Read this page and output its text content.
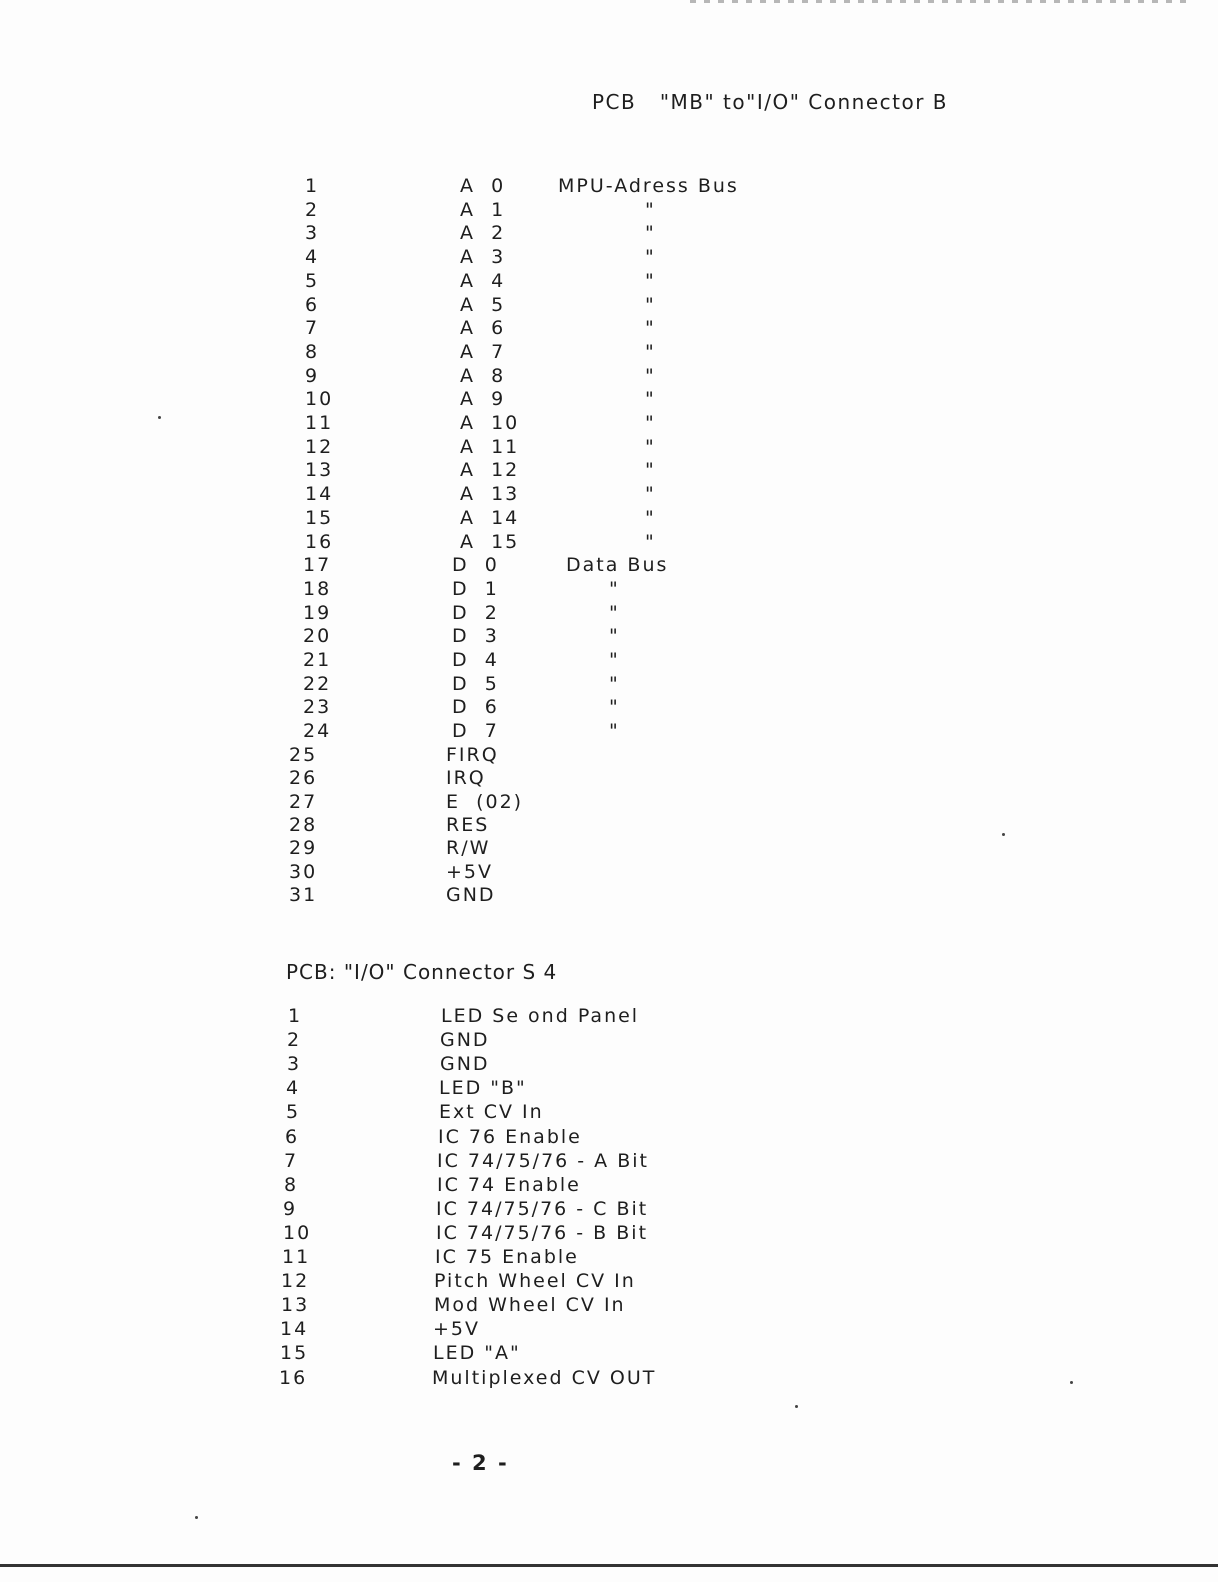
PCB   "MB" to"I/O" Connector B
1	A  0	MPU-Adress Bus
2	A  1	"
3	A  2	"
4	A  3	"
5	A  4	"
6	A  5	"
7	A  6	"
8	A  7	"
9	A  8	"
10	A  9	"
11	A  10	"
12	A  11	"
13	A  12	"
14	A  13	"
15	A  14	"
16	A  15	"
17	D  0	Data Bus
18	D  1	"
19	D  2	"
20	D  3	"
21	D  4	"
22	D  5	"
23	D  6	"
24	D  7	"
25	FIRQ
26	IRQ
27	E  (02)
28	RES
29	R/W
30	+5V
31	GND
PCB: "I/O" Connector S 4
1	LED Se ond Panel
2	GND
3	GND
4	LED "B"
5	Ext CV In
6	IC 76 Enable
7	IC 74/75/76 - A Bit
8	IC 74 Enable
9	IC 74/75/76 - C Bit
10	IC 74/75/76 - B Bit
11	IC 75 Enable
12	Pitch Wheel CV In
13	Mod Wheel CV In
14	+5V
15	LED "A"
16	Multiplexed CV OUT
- 2 -
